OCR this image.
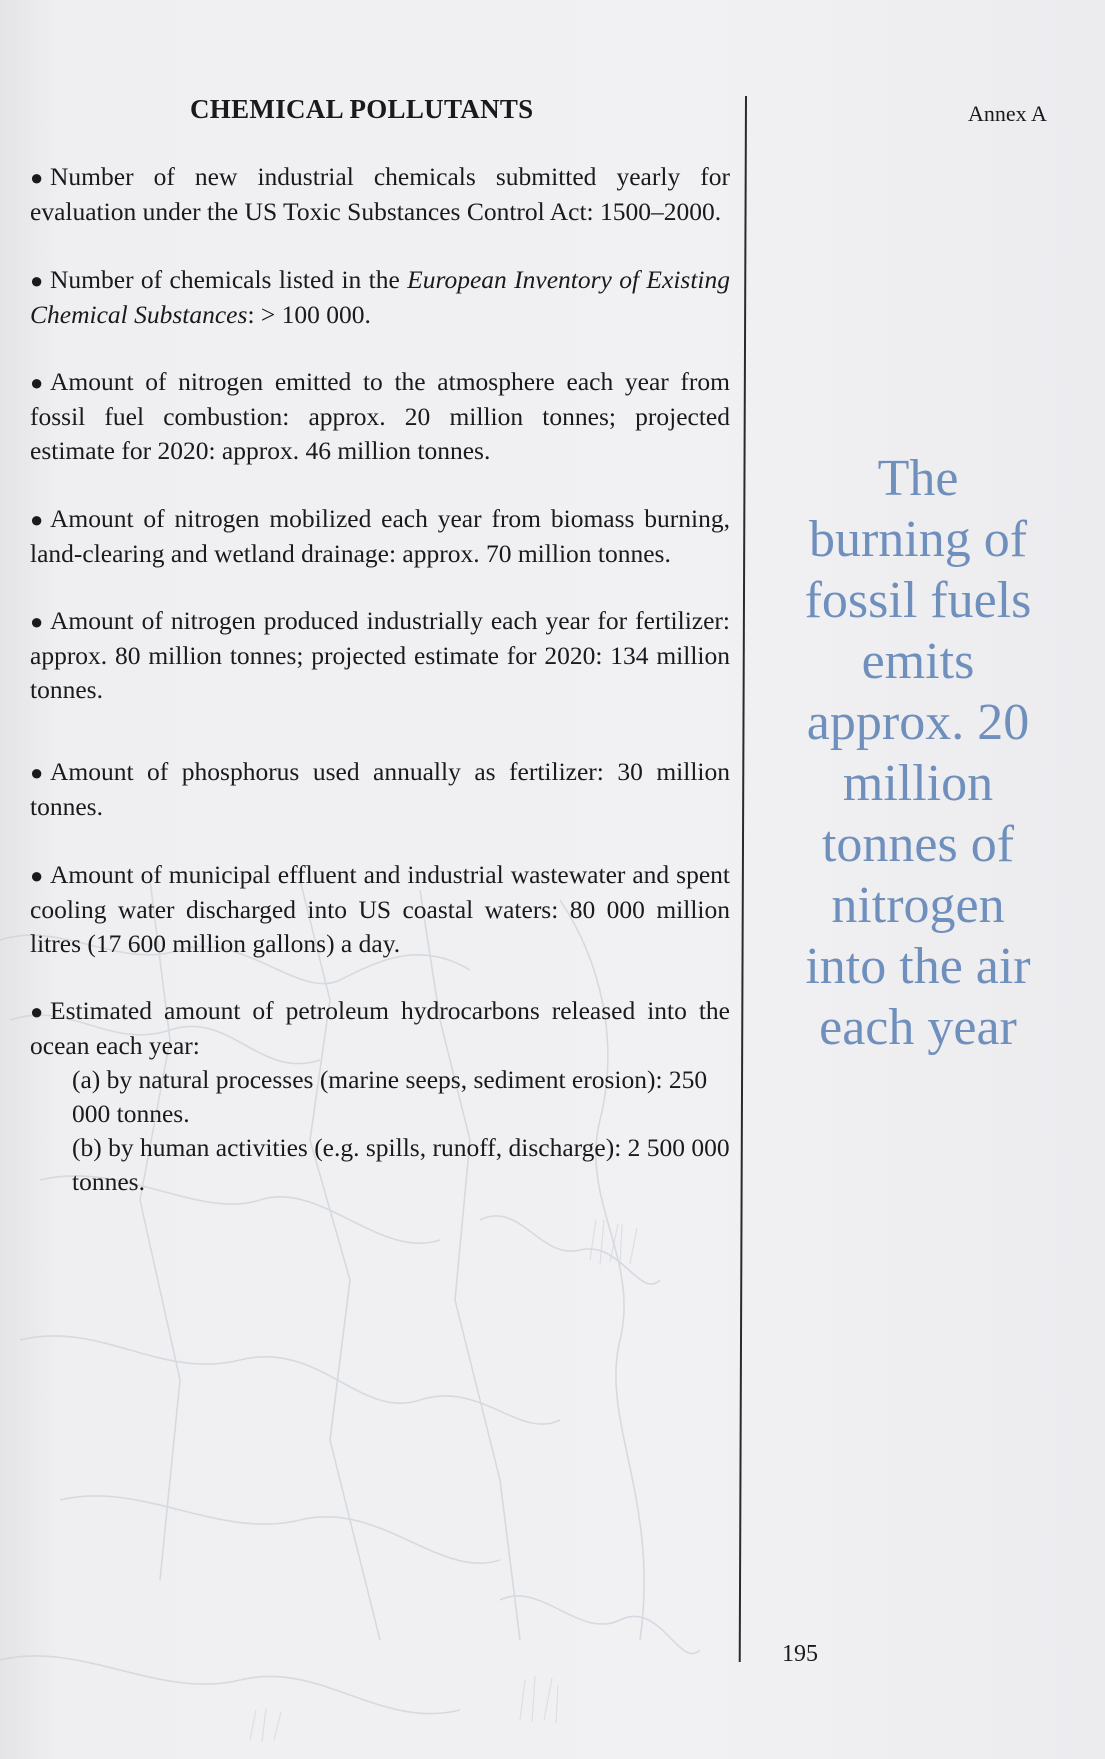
CHEMICAL POLLUTANTS	Annex A

● Number of new industrial chemicals submitted yearly for evaluation under the US Toxic Substances Control Act: 1500–2000.

● Number of chemicals listed in the European Inventory of Existing Chemical Substances: > 100 000.

● Amount of nitrogen emitted to the atmosphere each year from fossil fuel combustion: approx. 20 million tonnes; projected estimate for 2020: approx. 46 million tonnes.

● Amount of nitrogen mobilized each year from biomass burning, land-clearing and wetland drainage: approx. 70 million tonnes.

● Amount of nitrogen produced industrially each year for fertilizer: approx. 80 million tonnes; projected estimate for 2020: 134 million tonnes.

● Amount of phosphorus used annually as fertilizer: 30 million tonnes.

● Amount of municipal effluent and industrial wastewater and spent cooling water discharged into US coastal waters: 80 000 million litres (17 600 million gallons) a day.

● Estimated amount of petroleum hydrocarbons released into the ocean each year:

(a) by natural processes (marine seeps, sediment erosion): 250 000 tonnes.

(b) by human activities (e.g. spills, runoff, discharge): 2 500 000 tonnes.

The
burning of
fossil fuels
emits
approx. 20
million
tonnes of
nitrogen
into the air
each year
195
